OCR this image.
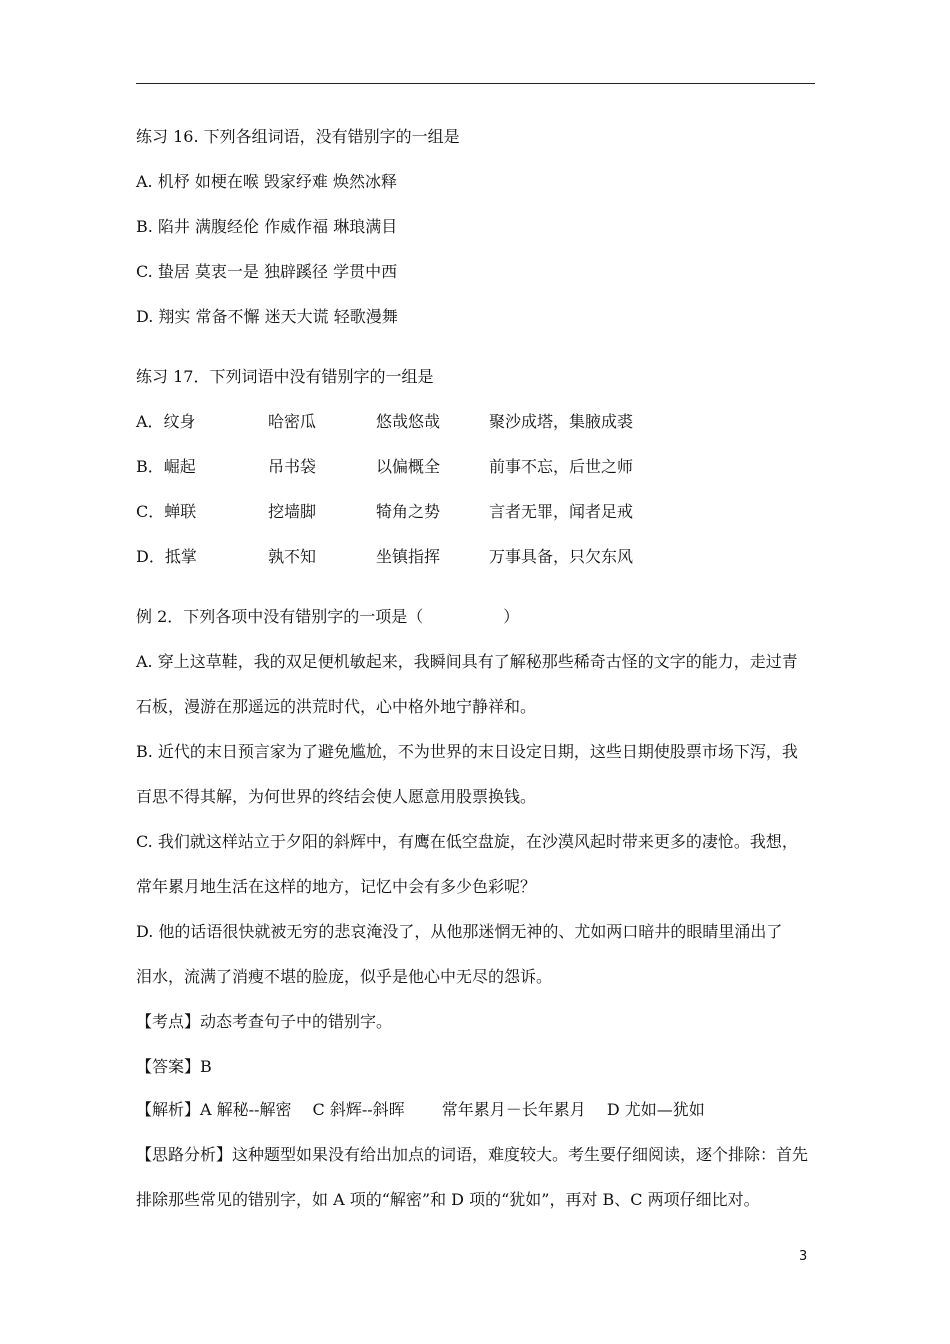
练习 16. 下列各组词语，没有错别字的一组是
A. 机杼 如梗在喉 毁家纾难 焕然冰释
B. 陷井 满腹经伦 作威作福 琳琅满目
C. 蛰居 莫衷一是 独辟蹊径 学贯中西
D. 翔实 常备不懈 迷天大谎 轻歌漫舞
练习 17．下列词语中没有错别字的一组是
A．纹身	哈密瓜	悠哉悠哉	聚沙成塔，集腋成裘
B．崛起	吊书袋	以偏概全	前事不忘，后世之师
C．蝉联	挖墙脚	犄角之势	言者无罪，闻者足戒
D．抵掌	孰不知	坐镇指挥	万事具备，只欠东风
例 2．下列各项中没有错别字的一项是（　　　　　）
A. 穿上这草鞋，我的双足便机敏起来，我瞬间具有了解秘那些稀奇古怪的文字的能力，走过青
石板，漫游在那遥远的洪荒时代，心中格外地宁静祥和。
B. 近代的末日预言家为了避免尴尬，不为世界的末日设定日期，这些日期使股票市场下泻，我
百思不得其解，为何世界的终结会使人愿意用股票换钱。
C. 我们就这样站立于夕阳的斜辉中，有鹰在低空盘旋，在沙漠风起时带来更多的凄怆。我想，
常年累月地生活在这样的地方，记忆中会有多少色彩呢？
D. 他的话语很快就被无穷的悲哀淹没了，从他那迷惘无神的、尤如两口暗井的眼睛里涌出了
泪水，流满了消瘦不堪的脸庞，似乎是他心中无尽的怨诉。
【考点】动态考查句子中的错别字。
【答案】B
【解析】A 解秘--解密　 C 斜辉--斜晖　　 常年累月－长年累月　 D 尤如—犹如
【思路分析】这种题型如果没有给出加点的词语，难度较大。考生要仔细阅读，逐个排除：首先
排除那些常见的错别字，如 A 项的“解密”和 D 项的“犹如”，再对 B、C 两项仔细比对。
3
